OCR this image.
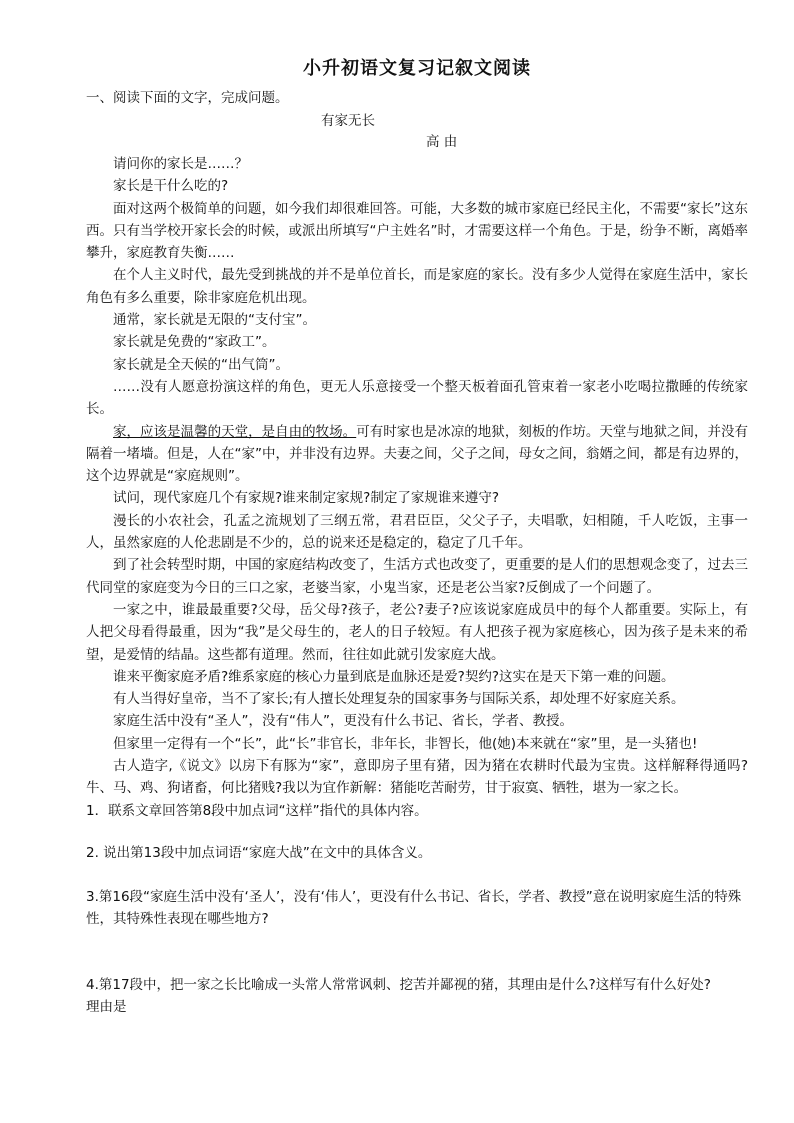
小升初语文复习记叙文阅读

一、阅读下面的文字，完成问题。

有家无长

高 由

请问你的家长是……？

家长是干什么吃的?

面对这两个极简单的问题，如今我们却很难回答。可能，大多数的城市家庭已经民主化，不需要“家长”这东西。只有当学校开家长会的时候，或派出所填写“户主姓名”时，才需要这样一个角色。于是，纷争不断，离婚率攀升，家庭教育失衡……

在个人主义时代，最先受到挑战的并不是单位首长，而是家庭的家长。没有多少人觉得在家庭生活中，家长角色有多么重要，除非家庭危机出现。

通常，家长就是无限的“支付宝”。

家长就是免费的“家政工”。

家长就是全天候的“出气筒”。

……没有人愿意扮演这样的角色，更无人乐意接受一个整天板着面孔管束着一家老小吃喝拉撒睡的传统家长。

家，应该是温馨的天堂，是自由的牧场。可有时家也是冰凉的地狱，刻板的作坊。天堂与地狱之间，并没有隔着一堵墙。但是，人在“家”中，并非没有边界。夫妻之间，父子之间，母女之间，翁婿之间，都是有边界的，这个边界就是“家庭规则”。

试问，现代家庭几个有家规?谁来制定家规?制定了家规谁来遵守?

漫长的小农社会，孔孟之流规划了三纲五常，君君臣臣，父父子子，夫唱歌，妇相随，千人吃饭，主事一人，虽然家庭的人伦悲剧是不少的，总的说来还是稳定的，稳定了几千年。

到了社会转型时期，中国的家庭结构改变了，生活方式也改变了，更重要的是人们的思想观念变了，过去三代同堂的家庭变为今日的三口之家，老婆当家，小鬼当家，还是老公当家?反倒成了一个问题了。

一家之中，谁最最重要?父母，岳父母?孩子，老公?妻子?应该说家庭成员中的每个人都重要。实际上，有人把父母看得最重，因为“我”是父母生的，老人的日子较短。有人把孩子视为家庭核心，因为孩子是未来的希望，是爱情的结晶。这些都有道理。然而，往往如此就引发家庭大战。

谁来平衡家庭矛盾?维系家庭的核心力量到底是血脉还是爱?契约?这实在是天下第一难的问题。

有人当得好皇帝，当不了家长;有人擅长处理复杂的国家事务与国际关系，却处理不好家庭关系。

家庭生活中没有“圣人”，没有“伟人”，更没有什么书记、省长，学者、教授。

但家里一定得有一个“长”，此“长”非官长，非年长，非智长，他(她)本来就在“家”里，是一头猪也!

古人造字,《说文》以房下有豚为“家”，意即房子里有猪，因为猪在农耕时代最为宝贵。这样解释得通吗?牛、马、鸡、狗诸畜，何比猪贱?我以为宜作新解：猪能吃苦耐劳，甘于寂寞、牺牲，堪为一家之长。

1．联系文章回答第8段中加点词“这样”指代的具体内容。

2. 说出第13段中加点词语“家庭大战”在文中的具体含义。

3.第16段“家庭生活中没有‘圣人’，没有‘伟人’，更没有什么书记、省长，学者、教授”意在说明家庭生活的特殊性，其特殊性表现在哪些地方?

4.第17段中，把一家之长比喻成一头常人常常讽刺、挖苦并鄙视的猪，其理由是什么?这样写有什么好处?

理由是
